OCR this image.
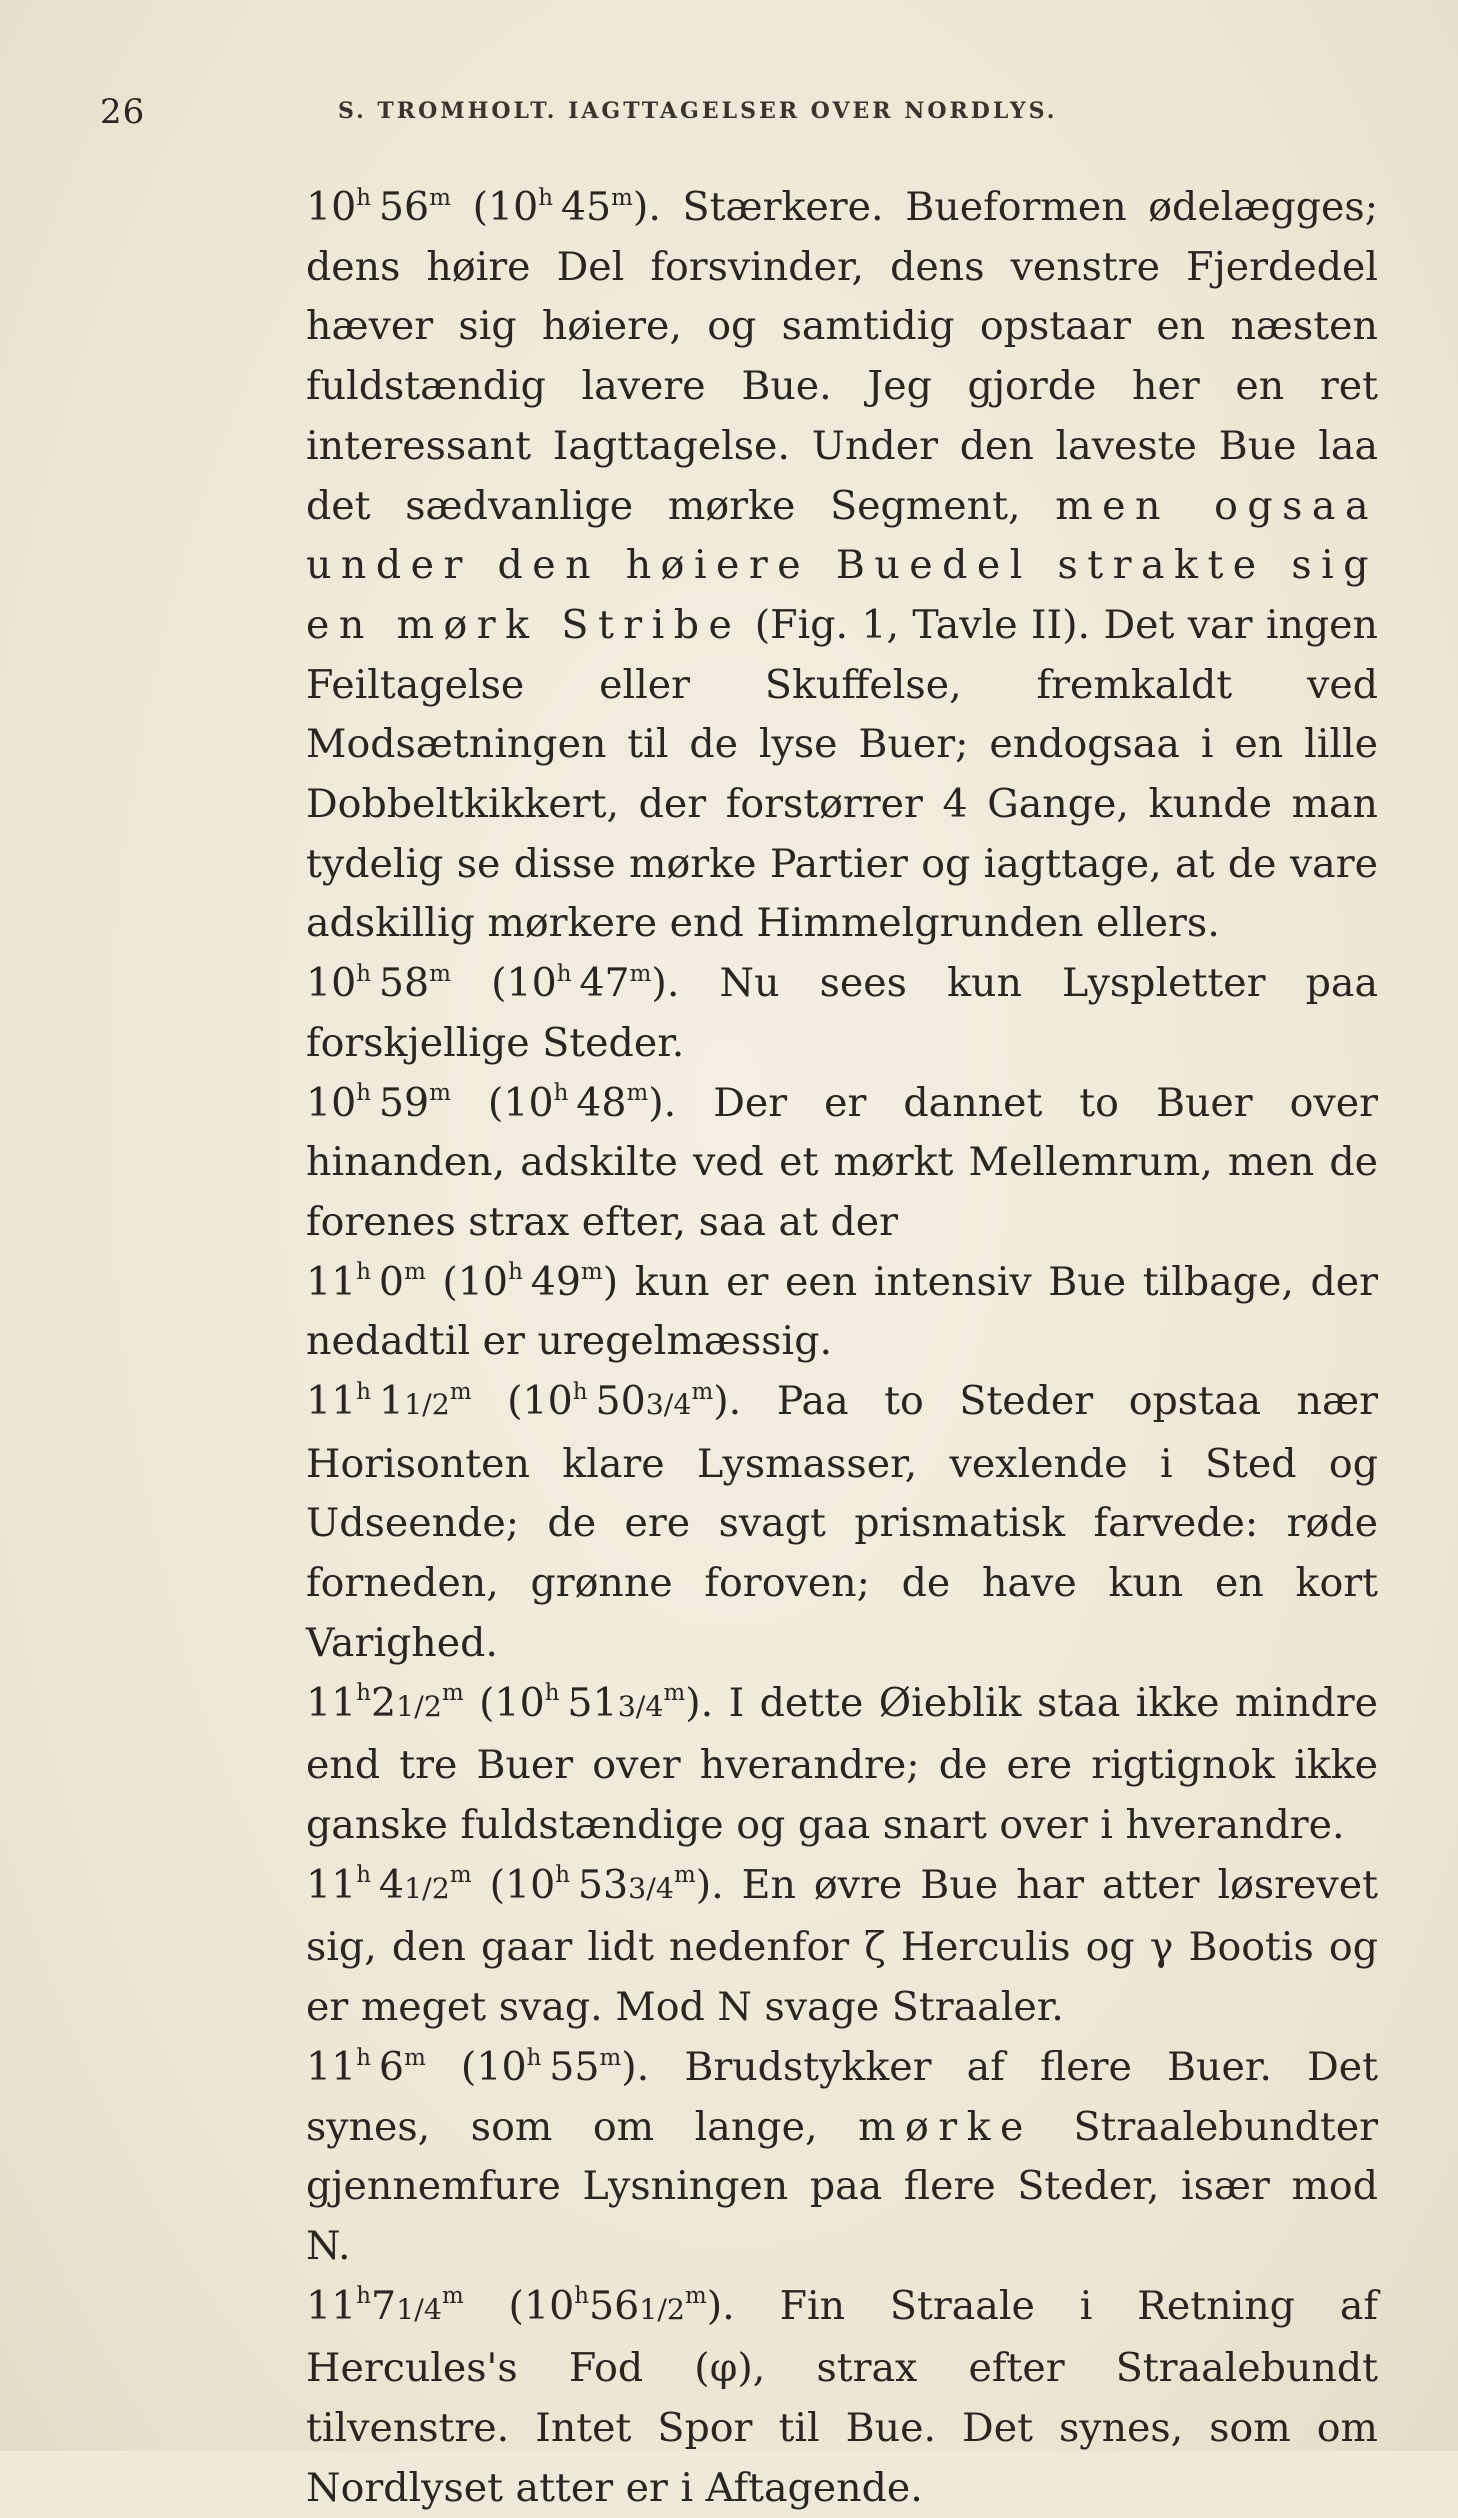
26	S. TROMHOLT. IAGTTAGELSER OVER NORDLYS.

10$^h$  56$^m$ (10$^h$  45$^m$). Stærkere. Bueformen ødelægges; dens høire Del forsvinder, dens venstre Fjerdedel hæver sig høiere, og samtidig opstaar en næsten fuldstændig lavere Bue. Jeg gjorde her en ret interessant Iagttagelse. Under den laveste Bue laa det sædvanlige mørke Segment, men ogsaa under den høiere Buedel strakte sig en mørk Stribe (Fig. 1, Tavle II). Det var ingen Feiltagelse eller Skuffelse, fremkaldt ved Modsætningen til de lyse Buer; endogsaa i en lille Dobbeltkikkert, der forstørrer 4 Gange, kunde man tydelig se disse mørke Partier og iagttage, at de vare adskillig mørkere end Himmelgrunden ellers.

10$^h$  58$^m$ (10$^h$  47$^m$). Nu sees kun Lyspletter paa forskjellige Steder.

10$^h$  59$^m$ (10$^h$  48$^m$). Der er dannet to Buer over hinanden, adskilte ved et mørkt Mellemrum, men de forenes strax efter, saa at der

11$^h$  0$^m$ (10$^h$  49$^m$) kun er een intensiv Bue tilbage, der nedadtil er uregelmæssig.

11$^h$  11/2$^m$ (10$^h$  503/4$^m$). Paa to Steder opstaa nær Horisonten klare Lysmasser, vexlende i Sted og Udseende; de ere svagt prismatisk farvede: røde forneden, grønne foroven; de have kun en kort Varighed.

11$^h$21/2$^m$ (10$^h$  513/4$^m$). I dette Øieblik staa ikke mindre end tre Buer over hverandre; de ere rigtignok ikke ganske fuldstændige og gaa snart over i hverandre.

11$^h$  41/2$^m$ (10$^h$  533/4$^m$). En øvre Bue har atter løsrevet sig, den gaar lidt nedenfor ζ Herculis og γ Bootis og er meget svag. Mod N svage Straaler.

11$^h$  6$^m$ (10$^h$  55$^m$). Brudstykker af flere Buer. Det synes, som om lange, mørke Straalebundter gjennemfure Lysningen paa flere Steder, især mod N.

11$^h$71/4$^m$ (10$^h$561/2$^m$). Fin Straale i Retning af Hercules's Fod (φ), strax efter Straalebundt tilvenstre. Intet Spor til Bue. Det synes, som om Nordlyset atter er i Aftagende.
